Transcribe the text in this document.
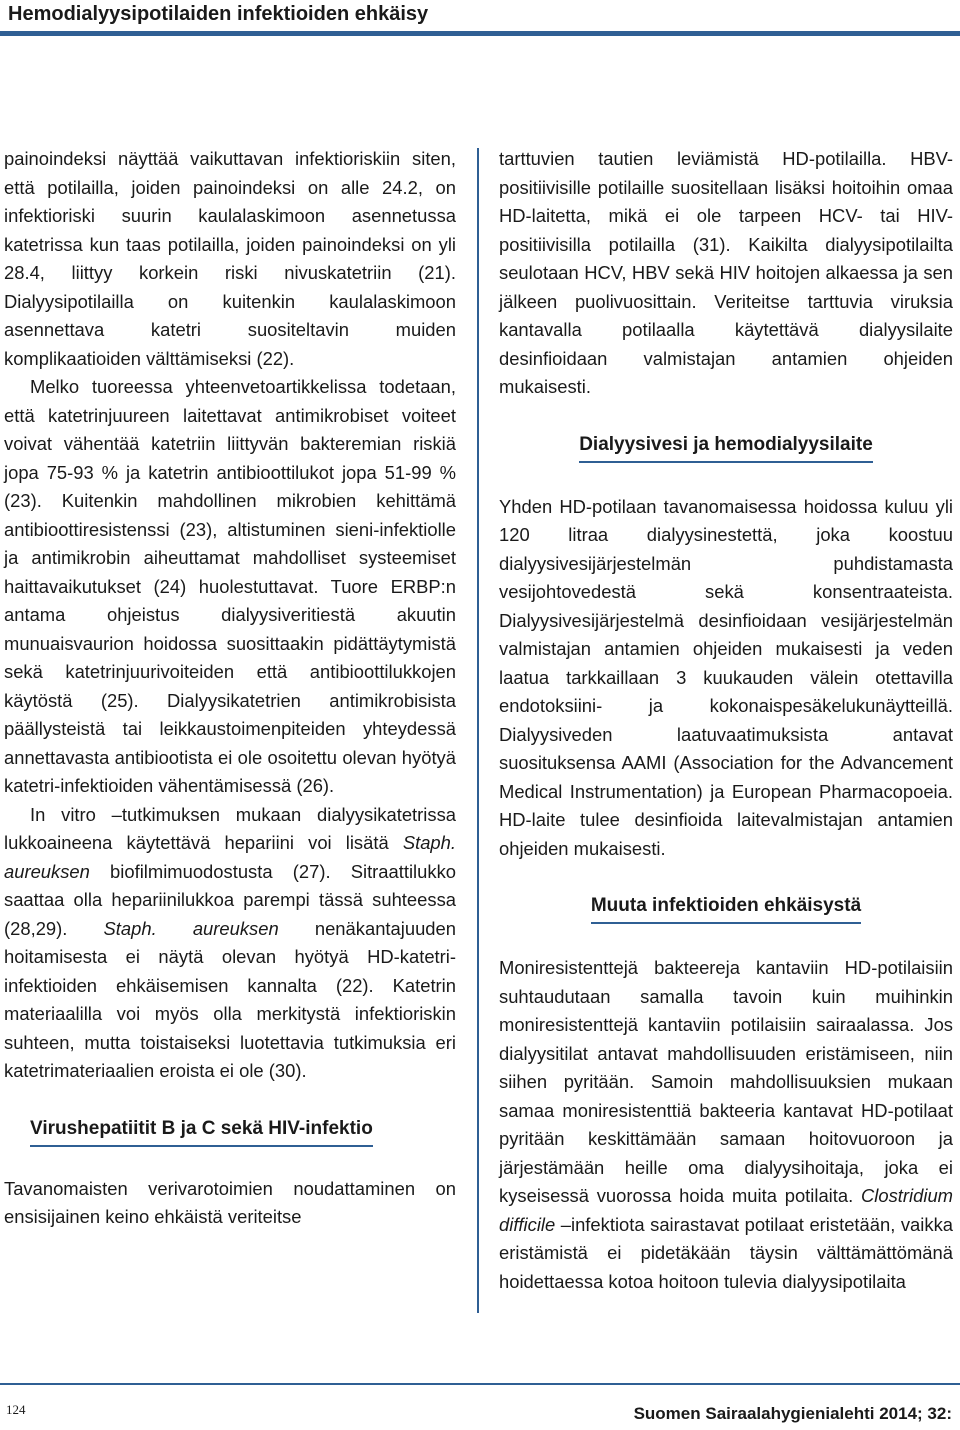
Hemodialyysipotilaiden infektioiden ehkäisy

painoindeksi näyttää vaikuttavan infektioriskiin siten, että potilailla, joiden painoindeksi on alle 24.2, on infektioriski suurin kaulalaskimoon asennetussa katetrissa kun taas potilailla, joiden painoindeksi on yli 28.4, liittyy korkein riski nivuskatetriin (21). Dialyysipotilailla on kuitenkin kaulalaskimoon asennettava katetri suositeltavin muiden komplikaatioiden välttämiseksi (22).

Melko tuoreessa yhteenvetoartikkelissa todetaan, että katetrinjuureen laitettavat antimikrobiset voiteet voivat vähentää katetriin liittyvän bakteremian riskiä jopa 75-93 % ja katetrin antibioottilukot jopa 51-99 % (23). Kuitenkin mahdollinen mikrobien kehittämä antibioottiresistenssi (23), altistuminen sieni-infektiolle ja antimikrobin aiheuttamat mahdolliset systeemiset haittavaikutukset (24) huolestuttavat. Tuore ERBP:n antama ohjeistus dialyysiveritiestä akuutin munuaisvaurion hoidossa suosittaakin pidättäytymistä sekä katetrinjuurivoiteiden että antibioottilukkojen käytöstä (25). Dialyysikatetrien antimikrobisista päällysteistä tai leikkaustoimenpiteiden yhteydessä annettavasta antibiootista ei ole osoitettu olevan hyötyä katetri-infektioiden vähentämisessä (26).

In vitro –tutkimuksen mukaan dialyysikatetrissa lukkoaineena käytettävä hepariini voi lisätä Staph. aureuksen biofilmimuodostusta (27). Sitraattilukko saattaa olla hepariinilukkoa parempi tässä suhteessa (28,29). Staph. aureuksen nenäkantajuuden hoitamisesta ei näytä olevan hyötyä HD-katetri-infektioiden ehkäisemisen kannalta (22). Katetrin materiaalilla voi myös olla merkitystä infektioriskin suhteen, mutta toistaiseksi luotettavia tutkimuksia eri katetrimateriaalien eroista ei ole (30).

Virushepatiitit B ja C sekä HIV-infektio

Tavanomaisten verivarotoimien noudattaminen on ensisijainen keino ehkäistä veriteitse

tarttuvien tautien leviämistä HD-potilailla. HBV-positiivisille potilaille suositellaan lisäksi hoitoihin omaa HD-laitetta, mikä ei ole tarpeen HCV- tai HIV-positiivisilla potilailla (31). Kaikilta dialyysipotilailta seulotaan HCV, HBV sekä HIV hoitojen alkaessa ja sen jälkeen puolivuosittain. Veriteitse tarttuvia viruksia kantavalla potilaalla käytettävä dialyysilaite desinfioidaan valmistajan antamien ohjeiden mukaisesti.

Dialyysivesi ja hemodialyysilaite

Yhden HD-potilaan tavanomaisessa hoidossa kuluu yli 120 litraa dialyysinestettä, joka koostuu dialyysivesijärjestelmän puhdistamasta vesijohtovedestä sekä konsentraateista. Dialyysivesijärjestelmä desinfioidaan vesijärjestelmän valmistajan antamien ohjeiden mukaisesti ja veden laatua tarkkaillaan 3 kuukauden välein otettavilla endotoksiini- ja kokonaispesäkelukunäytteillä. Dialyysiveden laatuvaatimuksista antavat suosituksensa AAMI (Association for the Advancement Medical Instrumentation) ja European Pharmacopoeia. HD-laite tulee desinfioida laitevalmistajan antamien ohjeiden mukaisesti.

Muuta infektioiden ehkäisystä

Moniresistenttejä bakteereja kantaviin HD-potilaisiin suhtaudutaan samalla tavoin kuin muihinkin moniresistenttejä kantaviin potilaisiin sairaalassa. Jos dialyysitilat antavat mahdollisuuden eristämiseen, niin siihen pyritään. Samoin mahdollisuuksien mukaan samaa moniresistenttiä bakteeria kantavat HD-potilaat pyritään keskittämään samaan hoitovuoroon ja järjestämään heille oma dialyysihoitaja, joka ei kyseisessä vuorossa hoida muita potilaita. Clostridium difficile –infektiota sairastavat potilaat eristetään, vaikka eristämistä ei pidetäkään täysin välttämättömänä hoidettaessa kotoa hoitoon tulevia dialyysipotilaita

124	Suomen Sairaalahygienialehti 2014; 32:
